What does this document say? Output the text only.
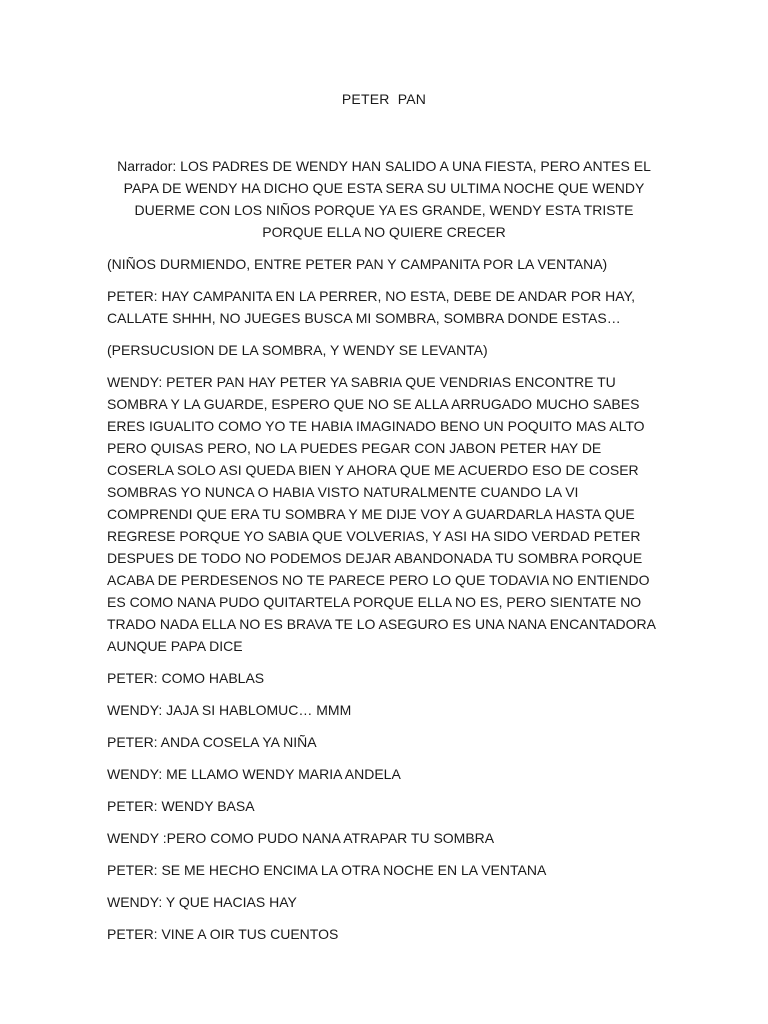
PETER  PAN
Narrador: LOS PADRES DE WENDY HAN SALIDO A UNA FIESTA, PERO ANTES EL PAPA DE WENDY HA DICHO QUE ESTA SERA SU ULTIMA NOCHE QUE WENDY DUERME CON LOS NIÑOS PORQUE YA ES GRANDE, WENDY ESTA TRISTE PORQUE ELLA NO QUIERE CRECER

(NIÑOS DURMIENDO, ENTRE PETER PAN Y CAMPANITA POR LA VENTANA)

PETER: HAY CAMPANITA EN LA PERRER, NO ESTA, DEBE DE ANDAR POR HAY, CALLATE SHHH, NO JUEGES BUSCA MI SOMBRA, SOMBRA DONDE ESTAS…

(PERSUCUSION DE LA SOMBRA, Y WENDY SE LEVANTA)

WENDY: PETER PAN HAY PETER YA SABRIA QUE VENDRIAS ENCONTRE TU SOMBRA Y LA GUARDE, ESPERO QUE NO SE ALLA ARRUGADO MUCHO SABES ERES IGUALITO COMO YO TE HABIA IMAGINADO BENO UN POQUITO MAS ALTO PERO QUISAS PERO, NO LA PUEDES PEGAR CON JABON PETER HAY DE COSERLA SOLO ASI QUEDA BIEN Y AHORA QUE ME ACUERDO ESO DE COSER SOMBRAS YO NUNCA O HABIA VISTO NATURALMENTE CUANDO LA VI COMPRENDI QUE ERA TU SOMBRA Y ME DIJE VOY A GUARDARLA HASTA QUE REGRESE PORQUE YO SABIA QUE VOLVERIAS, Y ASI HA SIDO VERDAD PETER DESPUES DE TODO NO PODEMOS DEJAR ABANDONADA TU SOMBRA PORQUE ACABA DE PERDESENOS NO TE PARECE PERO LO QUE TODAVIA NO ENTIENDO ES COMO NANA PUDO QUITARTELA PORQUE ELLA NO ES, PERO SIENTATE NO TRADO NADA ELLA NO ES BRAVA TE LO ASEGURO ES UNA NANA ENCANTADORA AUNQUE PAPA DICE

PETER: COMO HABLAS

WENDY: JAJA SI HABLOMUC… MMM

PETER: ANDA COSELA YA NIÑA

WENDY: ME LLAMO WENDY MARIA ANDELA

PETER: WENDY BASA

WENDY :PERO COMO PUDO NANA ATRAPAR TU SOMBRA

PETER: SE ME HECHO ENCIMA LA OTRA NOCHE EN LA VENTANA

WENDY: Y QUE HACIAS HAY

PETER: VINE A OIR TUS CUENTOS
